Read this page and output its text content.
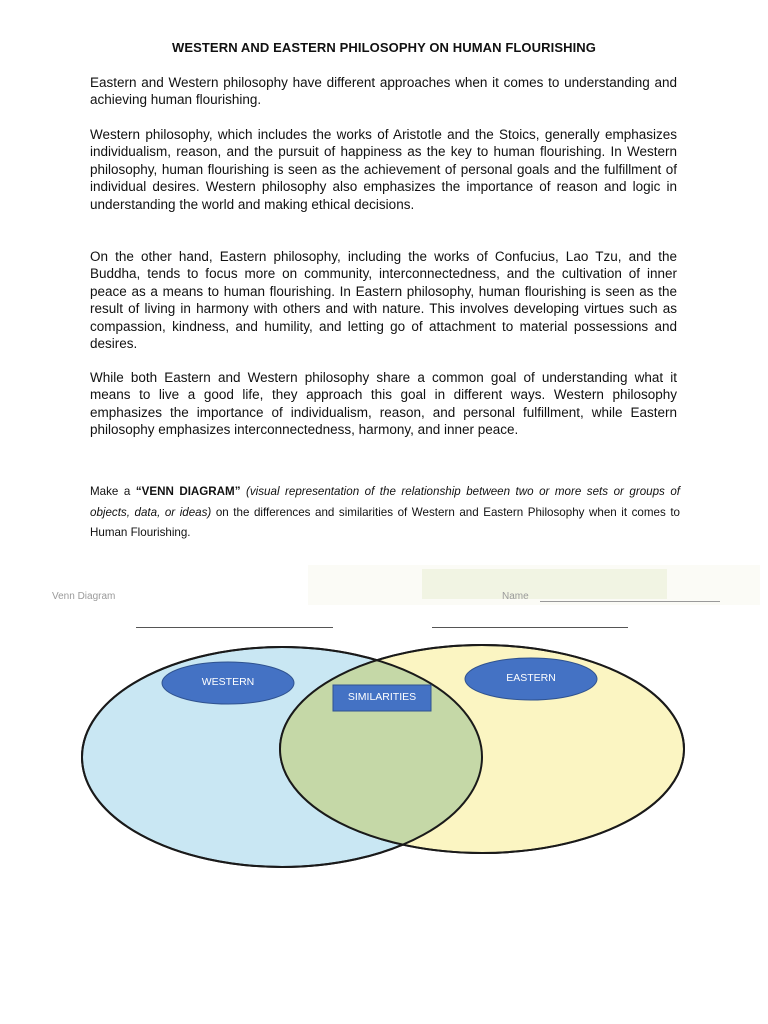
WESTERN AND EASTERN PHILOSOPHY ON HUMAN FLOURISHING

Eastern and Western philosophy have different approaches when it comes to understanding and achieving human flourishing.

Western philosophy, which includes the works of Aristotle and the Stoics, generally emphasizes individualism, reason, and the pursuit of happiness as the key to human flourishing. In Western philosophy, human flourishing is seen as the achievement of personal goals and the fulfillment of individual desires. Western philosophy also emphasizes the importance of reason and logic in understanding the world and making ethical decisions.

On the other hand, Eastern philosophy, including the works of Confucius, Lao Tzu, and the Buddha, tends to focus more on community, interconnectedness, and the cultivation of inner peace as a means to human flourishing. In Eastern philosophy, human flourishing is seen as the result of living in harmony with others and with nature. This involves developing virtues such as compassion, kindness, and humility, and letting go of attachment to material possessions and desires.

While both Eastern and Western philosophy share a common goal of understanding what it means to live a good life, they approach this goal in different ways. Western philosophy emphasizes the importance of individualism, reason, and personal fulfillment, while Eastern philosophy emphasizes interconnectedness, harmony, and inner peace.

Make a “VENN DIAGRAM” (visual representation of the relationship between two or more sets or groups of objects, data, or ideas) on the differences and similarities of Western and Eastern Philosophy when it comes to Human Flourishing.

Venn Diagram	Name
WESTERN	EASTERN
SIMILARITIES
